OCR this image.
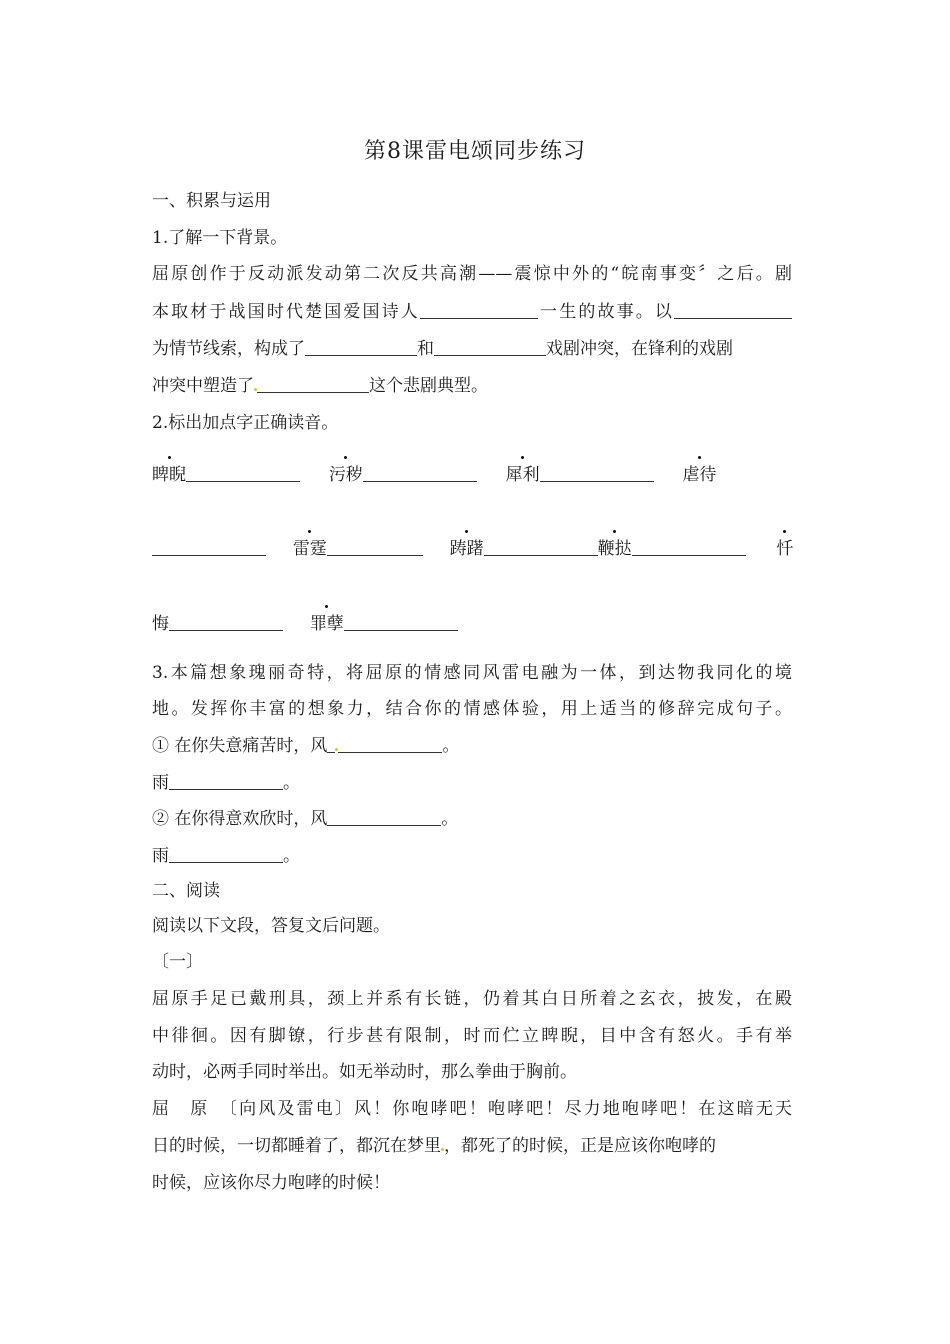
第8课雷电颂同步练习
一、积累与运用
1.了解一下背景。
屈原创作于反动派发动第二次反共高潮——震惊中外的“皖南事变〞之后。剧
本取材于战国时代楚国爱国诗人	一生的故事。以
为情节线索，构成了	和	戏剧冲突，在锋利的戏剧
冲突中塑造了	这个悲剧典型。
2.标出加点字正确读音。
睥睨	污秽	犀利	虐待
雷霆	踌躇	鞭挞	忏
悔	罪孽
3.本篇想象瑰丽奇特，将屈原的情感同风雷电融为一体，到达物我同化的境
地。发挥你丰富的想象力，结合你的情感体验，用上适当的修辞完成句子。
① 在你失意痛苦时，风	。
雨	。
② 在你得意欢欣时，风	。
雨	。
二、阅读
阅读以下文段，答复文后问题。
〔一〕
屈原手足已戴刑具，颈上并系有长链，仍着其白日所着之玄衣，披发，在殿
中徘徊。因有脚镣，行步甚有限制，时而伫立睥睨，目中含有怒火。手有举
动时，必两手同时举出。如无举动时，那么拳曲于胸前。
屈　原　〔向风及雷电〕风！你咆哮吧！咆哮吧！尽力地咆哮吧！在这暗无天
日的时候，一切都睡着了，都沉在梦里 ，都死了的时候，正是应该你咆哮的
时候，应该你尽力咆哮的时候！
